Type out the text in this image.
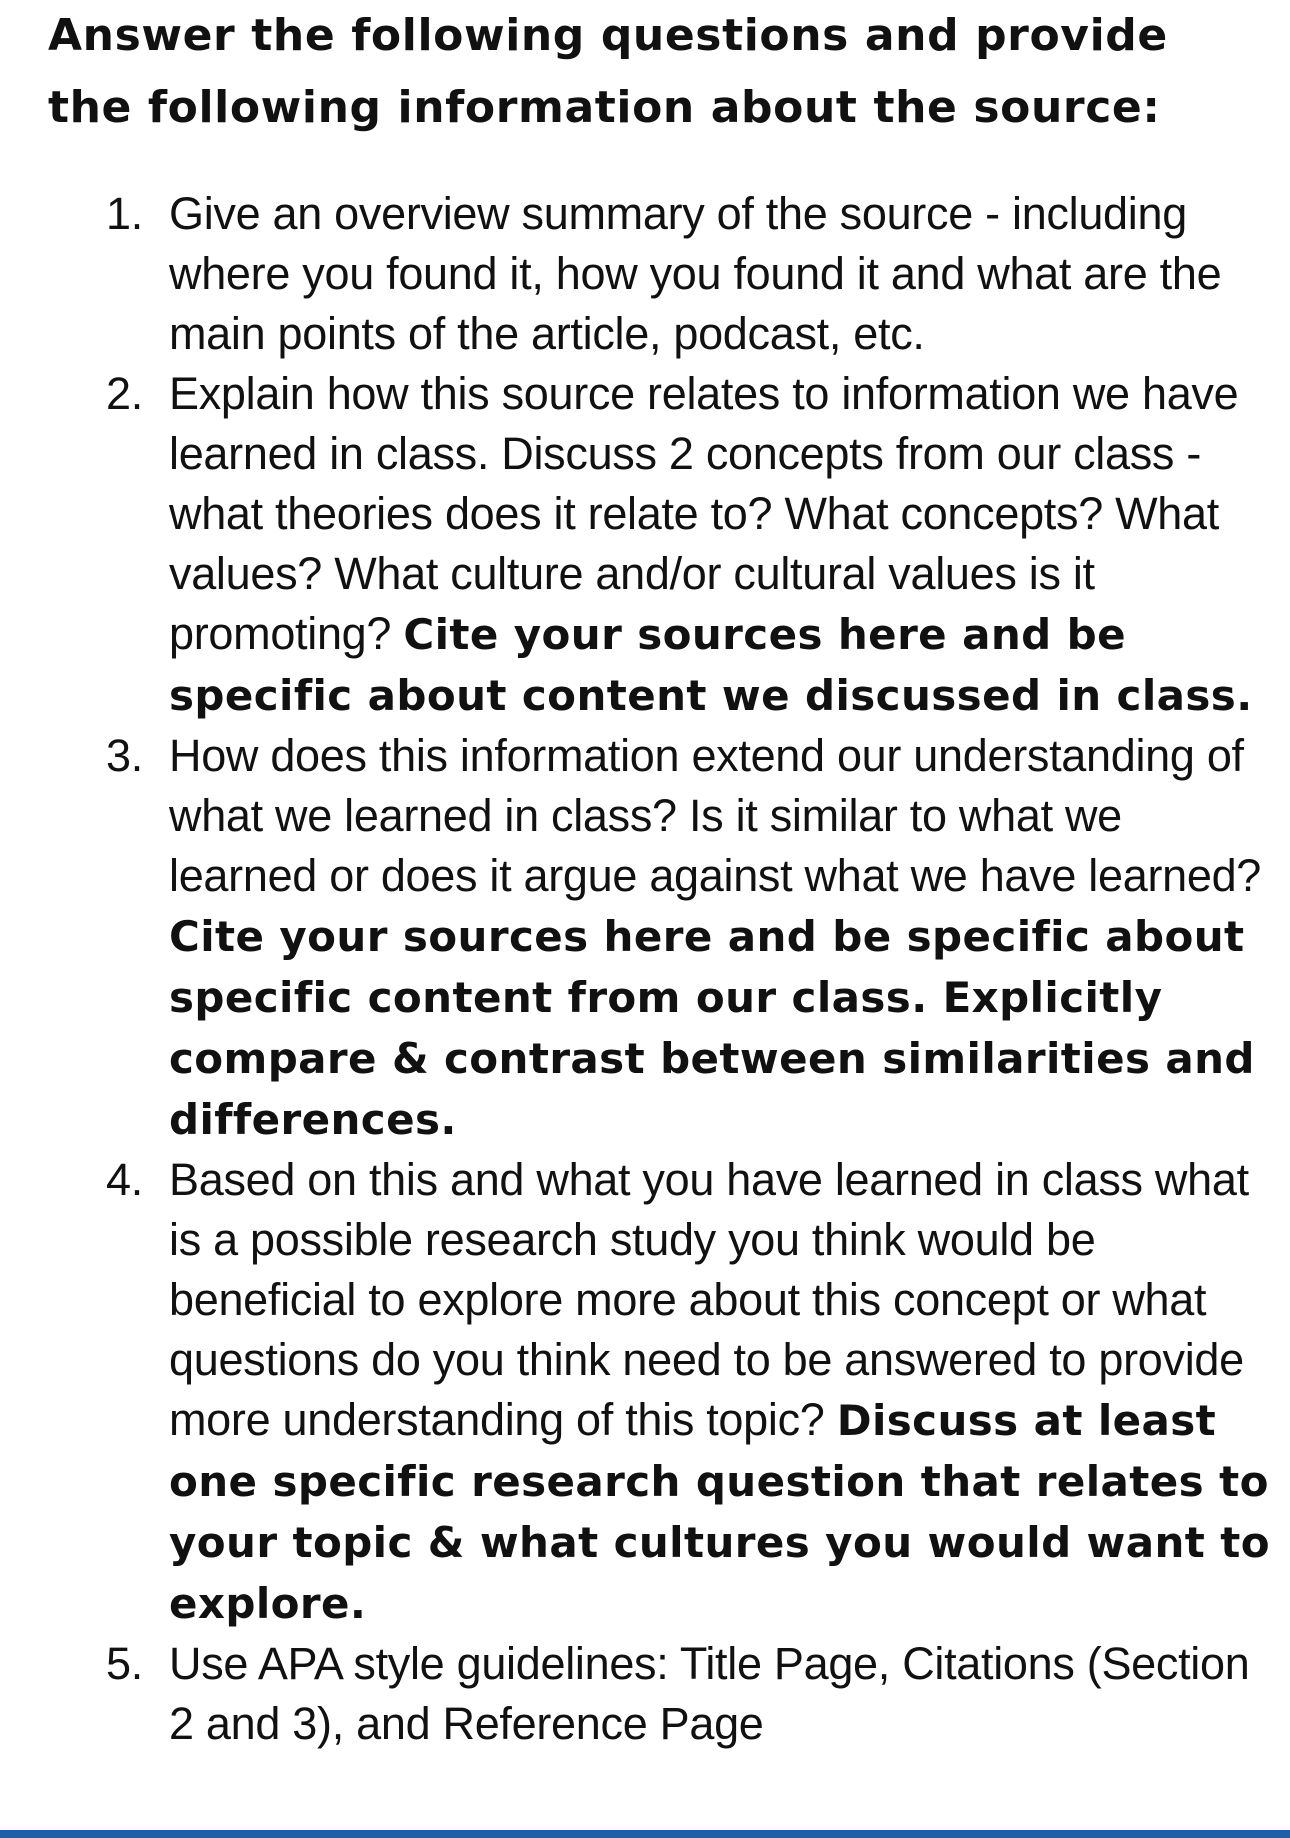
Answer the following questions and provide the following information about the source:
1. Give an overview summary of the source - including where you found it, how you found it and what are the main points of the article, podcast, etc.
2. Explain how this source relates to information we have learned in class. Discuss 2 concepts from our class - what theories does it relate to? What concepts? What values? What culture and/or cultural values is it promoting? Cite your sources here and be specific about content we discussed in class.
3. How does this information extend our understanding of what we learned in class? Is it similar to what we learned or does it argue against what we have learned? Cite your sources here and be specific about specific content from our class. Explicitly compare & contrast between similarities and differences.
4. Based on this and what you have learned in class what is a possible research study you think would be beneficial to explore more about this concept or what questions do you think need to be answered to provide more understanding of this topic? Discuss at least one specific research question that relates to your topic & what cultures you would want to explore.
5. Use APA style guidelines: Title Page, Citations (Section 2 and 3), and Reference Page
